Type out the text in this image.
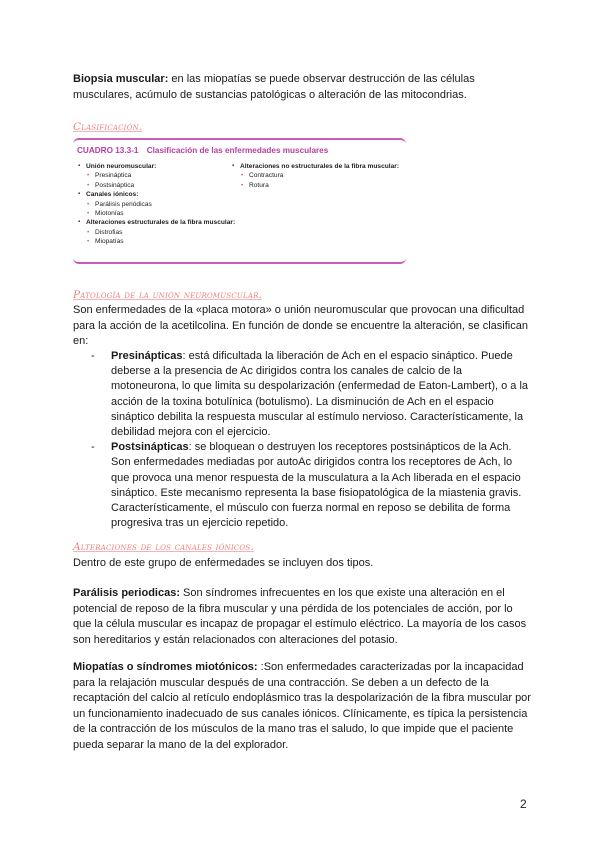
Biopsia muscular: en las miopatías se puede observar destrucción de las células musculares, acúmulo de sustancias patológicas o alteración de las mitocondrias.

Clasificación.

CUADRO 13.3-1 Clasificación de las enfermedades musculares
▪ Unión neuromuscular:
• Presináptica
• Postsináptica
▪ Canales iónicos:
• Parálisis periódicas
• Miotonías
▪ Alteraciones estructurales de la fibra muscular:
• Distrofias
• Miopatías
▪ Alteraciones no estructurales de la fibra muscular:
• Contractura
• Rotura

Patología de la unión neuromuscular.

Son enfermedades de la «placa motora» o unión neuromuscular que provocan una dificultad para la acción de la acetilcolina. En función de donde se encuentre la alteración, se clasifican en:

- Presinápticas: está dificultada la liberación de Ach en el espacio sináptico. Puede deberse a la presencia de Ac dirigidos contra los canales de calcio de la motoneurona, lo que limita su despolarización (enfermedad de Eaton-Lambert), o a la acción de la toxina botulínica (botulismo). La disminución de Ach en el espacio sináptico debilita la respuesta muscular al estímulo nervioso. Característicamente, la debilidad mejora con el ejercicio.
- Postsinápticas: se bloquean o destruyen los receptores postsinápticos de la Ach. Son enfermedades mediadas por autoAc dirigidos contra los receptores de Ach, lo que provoca una menor respuesta de la musculatura a la Ach liberada en el espacio sináptico. Este mecanismo representa la base fisiopatológica de la miastenia gravis. Característicamente, el músculo con fuerza normal en reposo se debilita de forma progresiva tras un ejercicio repetido.

Alteraciones de los canales iónicos.

Dentro de este grupo de enfermedades se incluyen dos tipos.

Parálisis periodicas: Son síndromes infrecuentes en los que existe una alteración en el potencial de reposo de la fibra muscular y una pérdida de los potenciales de acción, por lo que la célula muscular es incapaz de propagar el estímulo eléctrico. La mayoría de los casos son hereditarios y están relacionados con alteraciones del potasio.

Miopatías o síndromes miotónicos: :Son enfermedades caracterizadas por la incapacidad para la relajación muscular después de una contracción. Se deben a un defecto de la recaptación del calcio al retículo endoplásmico tras la despolarización de la fibra muscular por un funcionamiento inadecuado de sus canales iónicos. Clínicamente, es típica la persistencia de la contracción de los músculos de la mano tras el saludo, lo que impide que el paciente pueda separar la mano de la del explorador.

2
